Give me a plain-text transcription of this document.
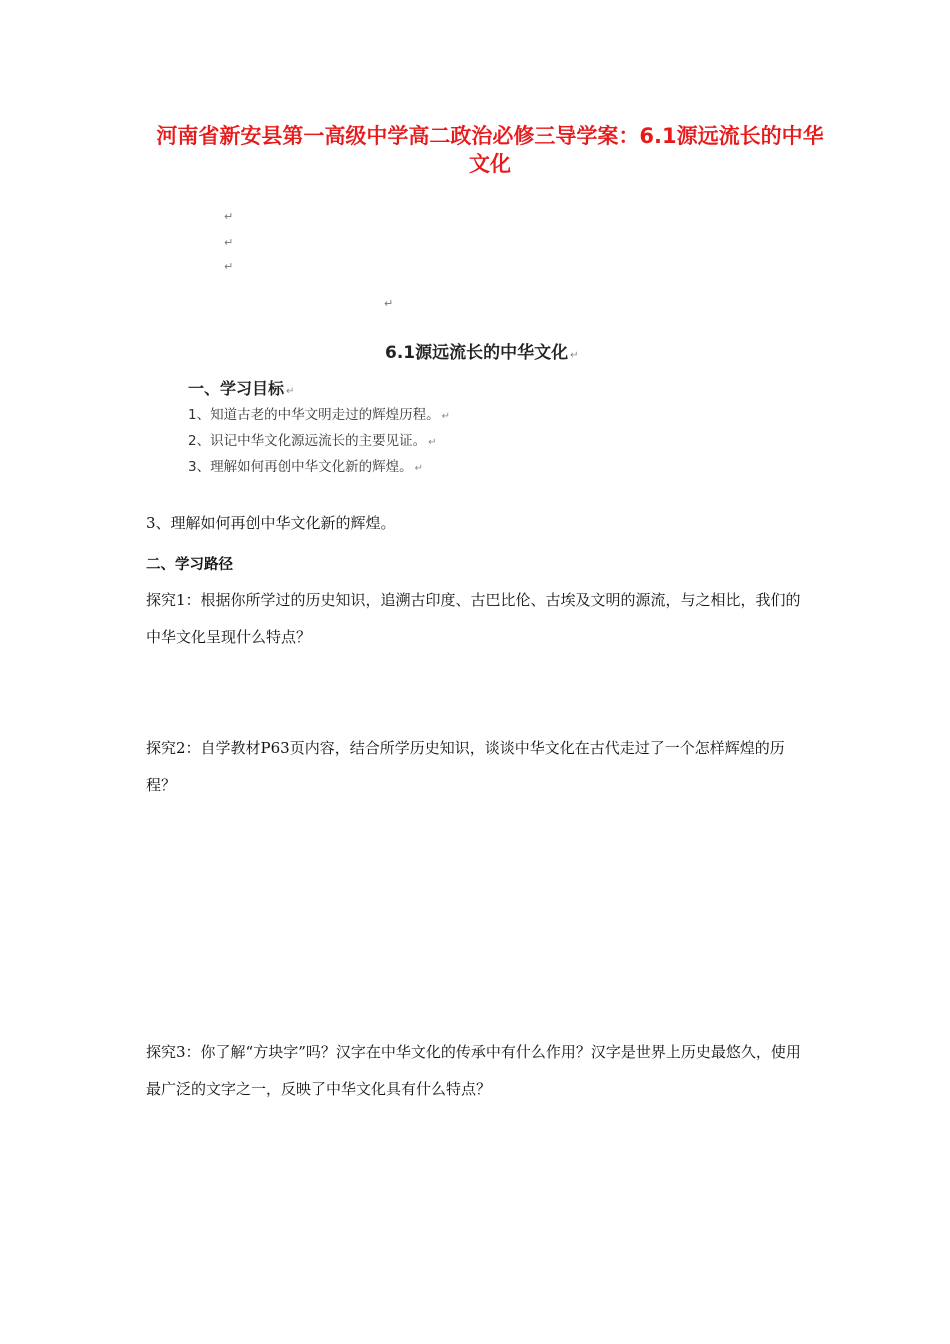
河南省新安县第一高级中学高二政治必修三导学案：6.1源远流长的中华文化
↵
↵
↵
↵
6.1源远流长的中华文化 ↵
一、学习目标 ↵
1、知道古老的中华文明走过的辉煌历程。 ↵
2、识记中华文化源远流长的主要见证。 ↵
3、理解如何再创中华文化新的辉煌。 ↵

3、理解如何再创中华文化新的辉煌。

二、学习路径

探究1：根据你所学过的历史知识，追溯古印度、古巴比伦、古埃及文明的源流，与之相比，我们的中华文化呈现什么特点？

探究2：自学教材P63页内容，结合所学历史知识，谈谈中华文化在古代走过了一个怎样辉煌的历程？

探究3：你了解“方块字”吗？汉字在中华文化的传承中有什么作用？汉字是世界上历史最悠久，使用最广泛的文字之一，反映了中华文化具有什么特点？
